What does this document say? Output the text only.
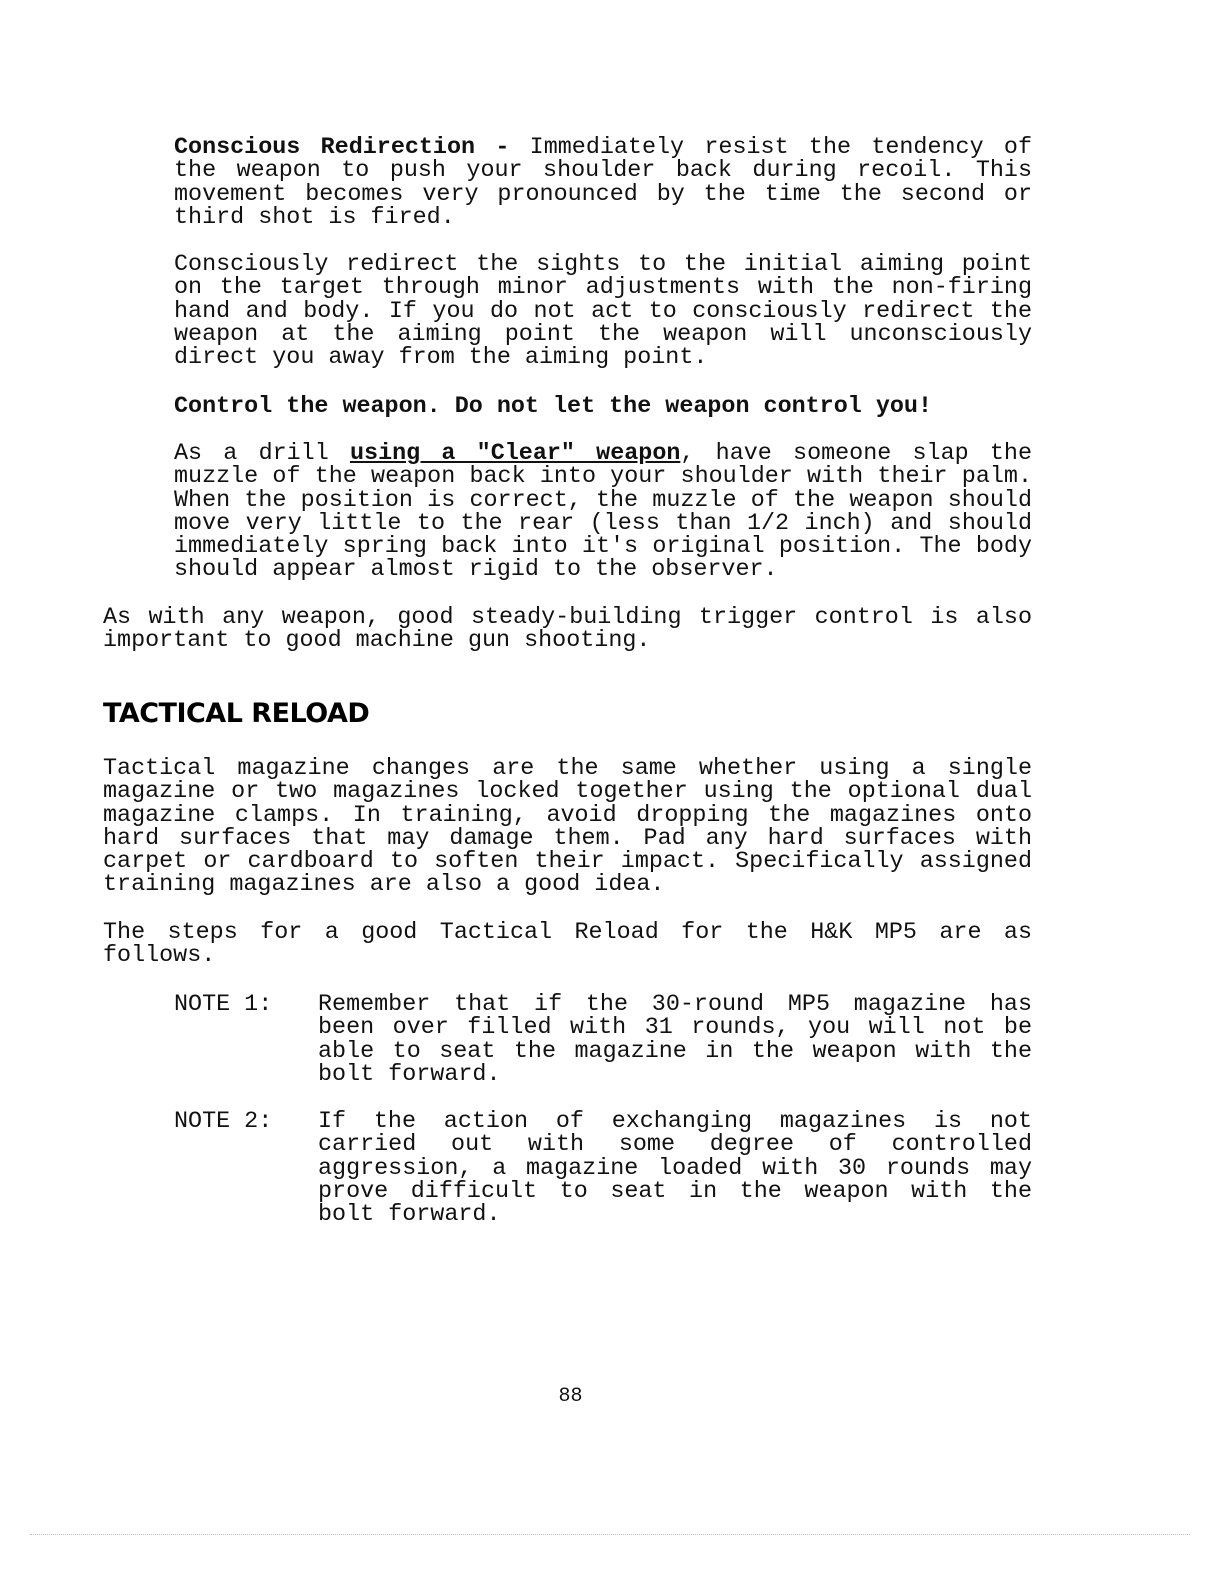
Conscious Redirection - Immediately resist the tendency of the weapon to push your shoulder back during recoil. This movement becomes very pronounced by the time the second or third shot is fired.

Consciously redirect the sights to the initial aiming point on the target through minor adjustments with the non-firing hand and body. If you do not act to consciously redirect the weapon at the aiming point the weapon will unconsciously direct you away from the aiming point.

Control the weapon. Do not let the weapon control you!

As a drill using a "Clear" weapon, have someone slap the muzzle of the weapon back into your shoulder with their palm. When the position is correct, the muzzle of the weapon should move very little to the rear (less than 1/2 inch) and should immediately spring back into it's original position. The body should appear almost rigid to the observer.

As with any weapon, good steady-building trigger control is also important to good machine gun shooting.

TACTICAL RELOAD

Tactical magazine changes are the same whether using a single magazine or two magazines locked together using the optional dual magazine clamps. In training, avoid dropping the magazines onto hard surfaces that may damage them. Pad any hard surfaces with carpet or cardboard to soften their impact. Specifically assigned training magazines are also a good idea.

The steps for a good Tactical Reload for the H&K MP5 are as follows.

NOTE 1: Remember that if the 30-round MP5 magazine has been over filled with 31 rounds, you will not be able to seat the magazine in the weapon with the bolt forward.

NOTE 2: If the action of exchanging magazines is not carried out with some degree of controlled aggression, a magazine loaded with 30 rounds may prove difficult to seat in the weapon with the bolt forward.

88
